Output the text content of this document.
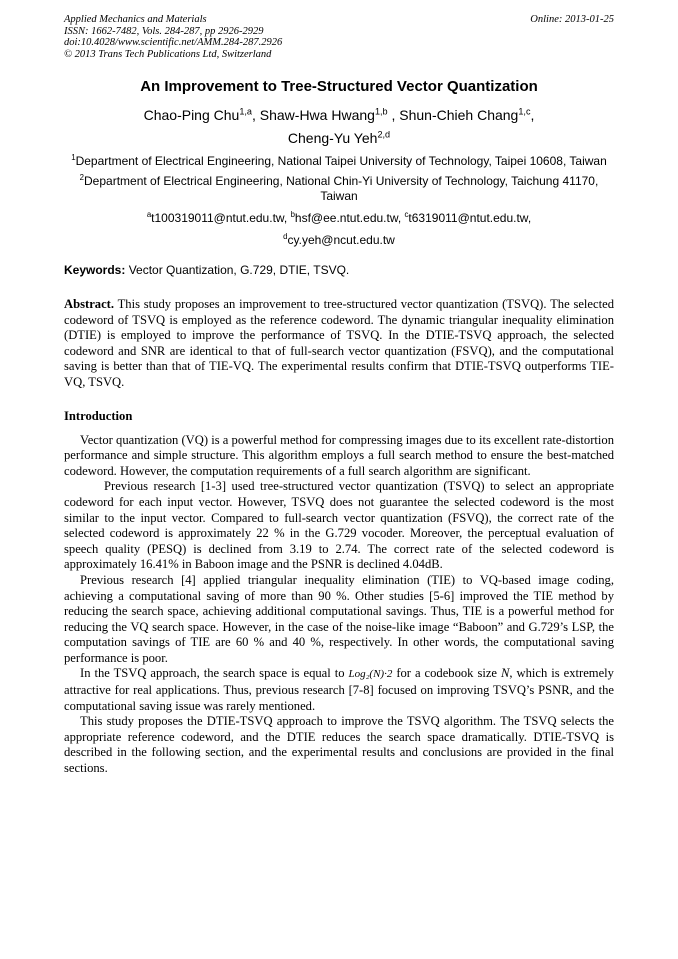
Applied Mechanics and Materials
ISSN: 1662-7482, Vols. 284-287, pp 2926-2929
doi:10.4028/www.scientific.net/AMM.284-287.2926
© 2013 Trans Tech Publications Ltd, Switzerland
Online: 2013-01-25
An Improvement to Tree-Structured Vector Quantization
Chao-Ping Chu$^{1,a}$, Shaw-Hwa Hwang$^{1,b}$ , Shun-Chieh Chang$^{1,c}$,
Cheng-Yu Yeh$^{2,d}$
$^1$Department of Electrical Engineering, National Taipei University of Technology, Taipei 10608, Taiwan
$^2$Department of Electrical Engineering, National Chin-Yi University of Technology, Taichung 41170, Taiwan
$^a$t100319011@ntut.edu.tw, $^b$hsf@ee.ntut.edu.tw, $^c$t6319011@ntut.edu.tw,
$^d$cy.yeh@ncut.edu.tw
Keywords: Vector Quantization, G.729, DTIE, TSVQ.

Abstract. This study proposes an improvement to tree-structured vector quantization (TSVQ). The selected codeword of TSVQ is employed as the reference codeword. The dynamic triangular inequality elimination (DTIE) is employed to improve the performance of TSVQ. In the DTIE-TSVQ approach, the selected codeword and SNR are identical to that of full-search vector quantization (FSVQ), and the computational saving is better than that of TIE-VQ. The experimental results confirm that DTIE-TSVQ outperforms TIE-VQ, TSVQ.

Introduction

Vector quantization (VQ) is a powerful method for compressing images due to its excellent rate-distortion performance and simple structure. This algorithm employs a full search method to ensure the best-matched codeword. However, the computation requirements of a full search algorithm are significant.

Previous research [1-3] used tree-structured vector quantization (TSVQ) to select an appropriate codeword for each input vector. However, TSVQ does not guarantee the selected codeword is the most similar to the input vector. Compared to full-search vector quantization (FSVQ), the correct rate of the selected codeword is approximately 22 % in the G.729 vocoder. Moreover, the perceptual evaluation of speech quality (PESQ) is declined from 3.19 to 2.74. The correct rate of the selected codeword is approximately 16.41% in Baboon image and the PSNR is declined 4.04dB.

Previous research [4] applied triangular inequality elimination (TIE) to VQ-based image coding, achieving a computational saving of more than 90 %. Other studies [5-6] improved the TIE method by reducing the search space, achieving additional computational savings. Thus, TIE is a powerful method for reducing the VQ search space. However, in the case of the noise-like image “Baboon” and G.729’s LSP, the computation savings of TIE are 60 % and 40 %, respectively. In other words, the computational saving performance is poor.

In the TSVQ approach, the search space is equal to Log₂(N)·2 for a codebook size N, which is extremely attractive for real applications. Thus, previous research [7-8] focused on improving TSVQ’s PSNR, and the computational saving issue was rarely mentioned.

This study proposes the DTIE-TSVQ approach to improve the TSVQ algorithm. The TSVQ selects the appropriate reference codeword, and the DTIE reduces the search space dramatically. DTIE-TSVQ is described in the following section, and the experimental results and conclusions are provided in the final sections.
